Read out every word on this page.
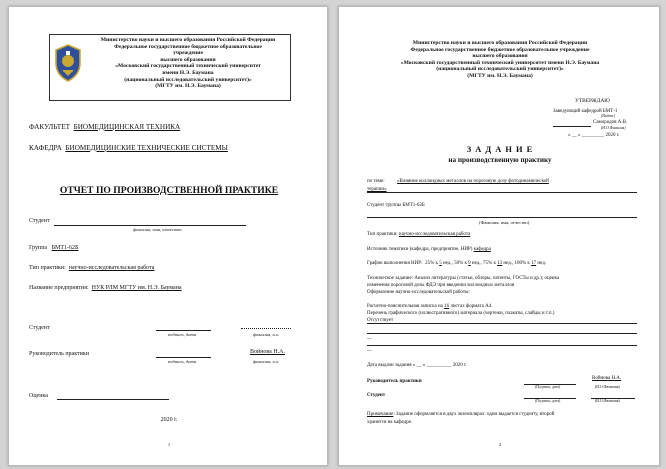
Министерство науки и высшего образования Российской Федерации
Федеральное государственное бюджетное образовательное
учреждение
высшего образования
«Московский государственный технический университет
имени Н.Э. Баумана
(национальный исследовательский университет)»
(МГТУ им. Н.Э. Баумана)
ФАКУЛЬТЕТ БИОМЕДИЦИНСКАЯ ТЕХНИКА
КАФЕДРА БИОМЕДИЦИНСКИЕ ТЕХНИЧЕСКИЕ СИСТЕМЫ
ОТЧЕТ ПО ПРОИЗВОДСТВЕННОЙ ПРАКТИКЕ
Студент
фамилия, имя, отчество
Группа БМТ1-62Б
Тип практики: научно-исследовательская работа
Название предприятия: НУК РЛМ МГТУ им. Н.Э. Баумана
Студент
подпись, дата	фамилия, и.о.
Руководитель практики	Войнова Н.А.
подпись, дата	фамилия, и.о.
Оценка
2020 г.
1
Министерство науки и высшего образования Российской Федерации
Федеральное государственное бюджетное образовательное учреждение
высшего образования
«Московский государственный технический университет имени Н.Э. Баумана
(национальный исследовательский университет)»
(МГТУ им. Н.Э. Баумана)
УТВЕРЖДАЮ
Заведующий кафедрой БМТ-1
(Индекс)
Самородов А.В.
(И.О.Фамилия)
« __ » _________ 2020 г.
З А Д А Н И Е
на производственную практику
по теме: «Влияние коллоидных металлов на пороговую дозу фотодинамической
терапии»
Студент группы БМТ1-62Б
(Фамилия, имя, отчество)
Тип практики: научно-исследовательская работа
Источник тематики (кафедра, предприятие, НИР) кафедра
График выполнения НИР: 25% к 5 нед., 50% к 9 нед., 75% к 13 нед., 100% к 17 нед.
Техническое задание: Анализ литературы (статьи, обзоры, патенты, ГОСТы и др.); оценка
изменения пороговой дозы ФДЭ при введении коллоидных металлов
Оформление научно-исследовательской работы:
Расчетно-пояснительная записка на 16 листах формата А4.
Перечень графического (иллюстративного) материала (чертежи, плакаты, слайды и т.п.)
Отсутствует
—
—
Дата выдачи задания « __ » __________ 2020 г.
Руководитель практики
Войнова Н.А.
(Подпись, дата)	(И.О.Фамилия)
Студент
(Подпись, дата)	(И.О.Фамилия)
Примечание: Задание оформляется в двух экземплярах: один выдается студенту, второй
хранится на кафедре.
2
